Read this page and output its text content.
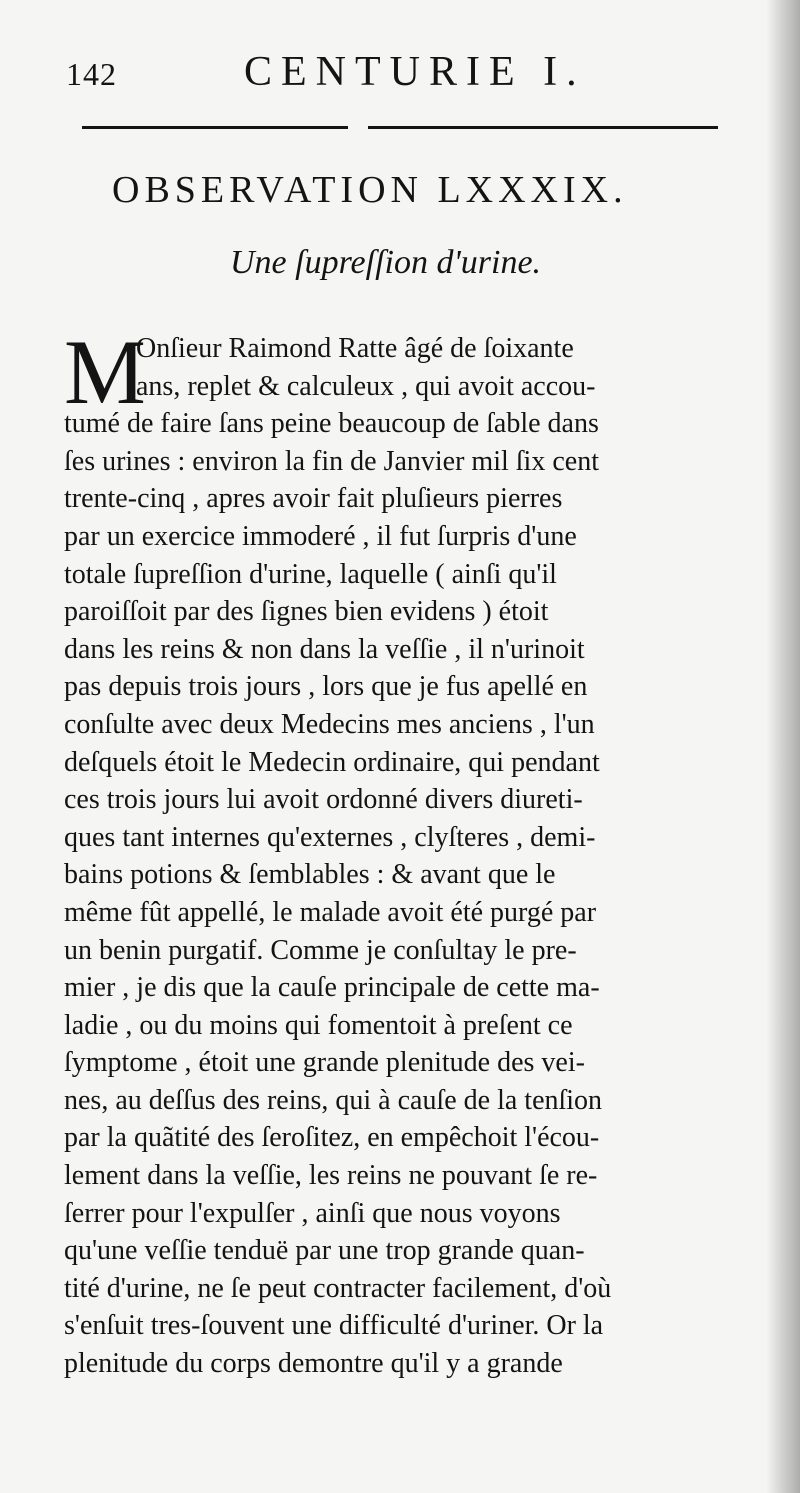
142	CENTURIE I.
OBSERVATION LXXXIX.
Une ſupreſſion d'urine.
M
Onſieur Raimond Ratte âgé de ſoixante
ans, replet & calculeux , qui avoit accou-
tumé de faire ſans peine beaucoup de ſable dans
ſes urines : environ la fin de Janvier mil ſix cent
trente-cinq , apres avoir fait pluſieurs pierres
par un exercice immoderé , il fut ſurpris d'une
totale ſupreſſion d'urine, laquelle ( ainſi qu'il
paroiſſoit par des ſignes bien evidens ) étoit
dans les reins & non dans la veſſie , il n'urinoit
pas depuis trois jours , lors que je fus apellé en
conſulte avec deux Medecins mes anciens , l'un
deſquels étoit le Medecin ordinaire, qui pendant
ces trois jours lui avoit ordonné divers diureti-
ques tant internes qu'externes , clyſteres , demi-
bains potions & ſemblables : & avant que le
même fût appellé, le malade avoit été purgé par
un benin purgatif. Comme je conſultay le pre-
mier , je dis que la cauſe principale de cette ma-
ladie , ou du moins qui fomentoit à preſent ce
ſymptome , étoit une grande plenitude des vei-
nes, au deſſus des reins, qui à cauſe de la tenſion
par la quãtité des ſeroſitez, en empêchoit l'écou-
lement dans la veſſie, les reins ne pouvant ſe re-
ſerrer pour l'expulſer , ainſi que nous voyons
qu'une veſſie tenduë par une trop grande quan-
tité d'urine, ne ſe peut contracter facilement, d'où
s'enſuit tres-ſouvent une difficulté d'uriner. Or la
plenitude du corps demontre qu'il y a grande
